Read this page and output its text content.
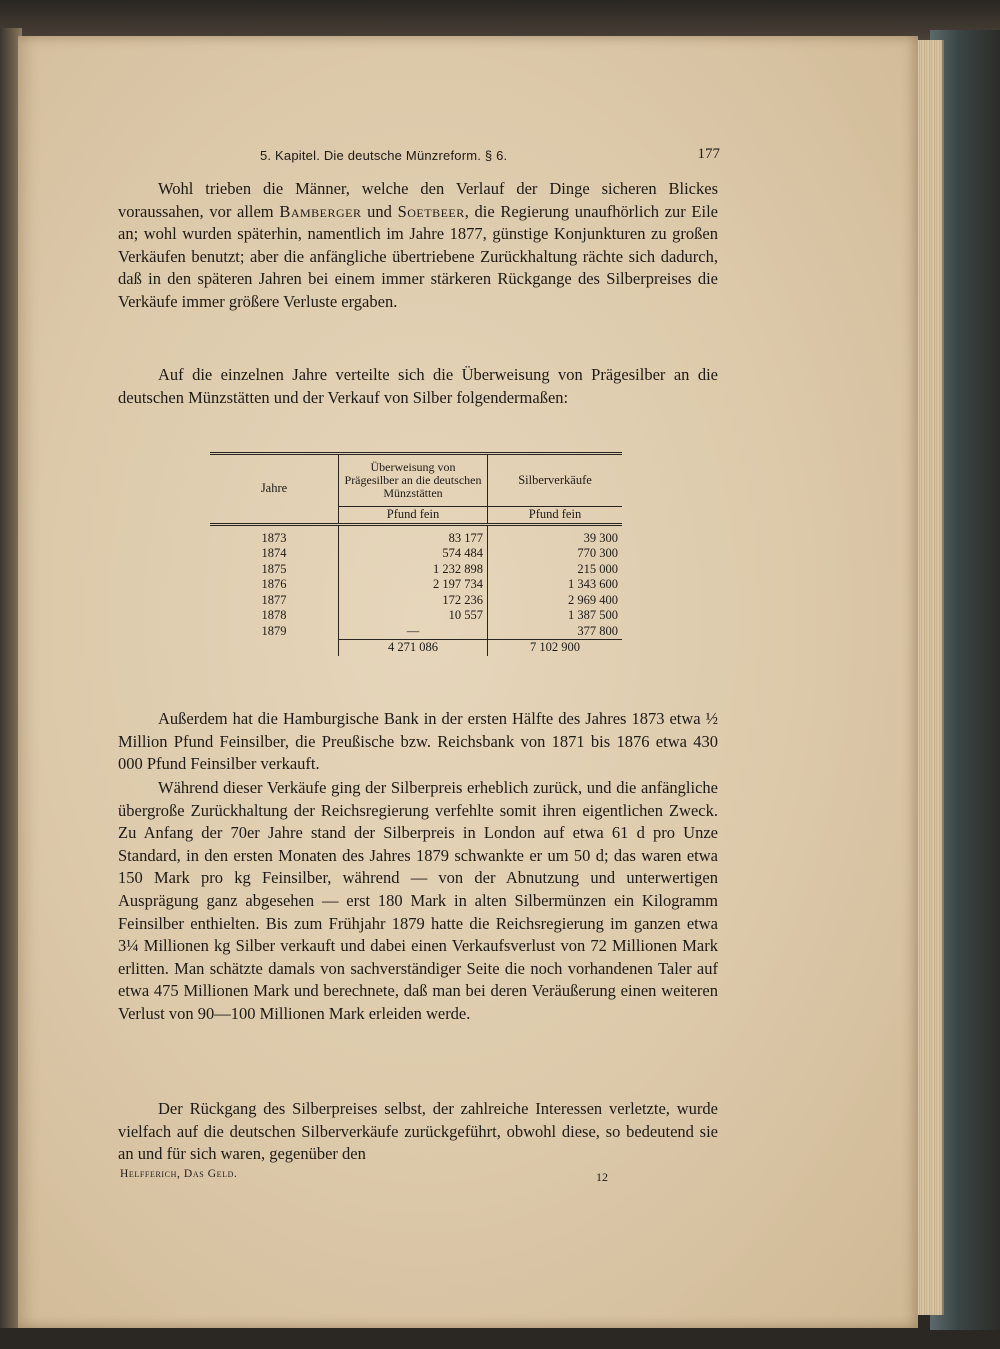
5. Kapitel. Die deutsche Münzreform. § 6.	177

Wohl trieben die Männer, welche den Verlauf der Dinge sicheren Blickes voraussahen, vor allem Bamberger und Soetbeer, die Regierung unaufhörlich zur Eile an; wohl wurden späterhin, namentlich im Jahre 1877, günstige Konjunkturen zu großen Verkäufen benutzt; aber die anfängliche übertriebene Zurückhaltung rächte sich dadurch, daß in den späteren Jahren bei einem immer stärkeren Rückgange des Silberpreises die Verkäufe immer größere Verluste ergaben.

Auf die einzelnen Jahre verteilte sich die Überweisung von Prägesilber an die deutschen Münzstätten und der Verkauf von Silber folgendermaßen:

Jahre	Überweisung von Prägesilber an die deutschen Münzstätten	Silberverkäufe
	Pfund fein	Pfund fein
1873	83 177	39 300
1874	574 484	770 300
1875	1 232 898	215 000
1876	2 197 734	1 343 600
1877	172 236	2 969 400
1878	10 557	1 387 500
1879	—	377 800
	4 271 086	7 102 900

Außerdem hat die Hamburgische Bank in der ersten Hälfte des Jahres 1873 etwa ½ Million Pfund Feinsilber, die Preußische bzw. Reichsbank von 1871 bis 1876 etwa 430 000 Pfund Feinsilber verkauft.

Während dieser Verkäufe ging der Silberpreis erheblich zurück, und die anfängliche übergroße Zurückhaltung der Reichsregierung verfehlte somit ihren eigentlichen Zweck. Zu Anfang der 70er Jahre stand der Silberpreis in London auf etwa 61 d pro Unze Standard, in den ersten Monaten des Jahres 1879 schwankte er um 50 d; das waren etwa 150 Mark pro kg Feinsilber, während — von der Abnutzung und unterwertigen Ausprägung ganz abgesehen — erst 180 Mark in alten Silbermünzen ein Kilogramm Feinsilber enthielten. Bis zum Frühjahr 1879 hatte die Reichsregierung im ganzen etwa 3¼ Millionen kg Silber verkauft und dabei einen Verkaufsverlust von 72 Millionen Mark erlitten. Man schätzte damals von sachverständiger Seite die noch vorhandenen Taler auf etwa 475 Millionen Mark und berechnete, daß man bei deren Veräußerung einen weiteren Verlust von 90—100 Millionen Mark erleiden werde.

Der Rückgang des Silberpreises selbst, der zahlreiche Interessen verletzte, wurde vielfach auf die deutschen Silberverkäufe zurückgeführt, obwohl diese, so bedeutend sie an und für sich waren, gegenüber den

Helfferich, Das Geld.	12
